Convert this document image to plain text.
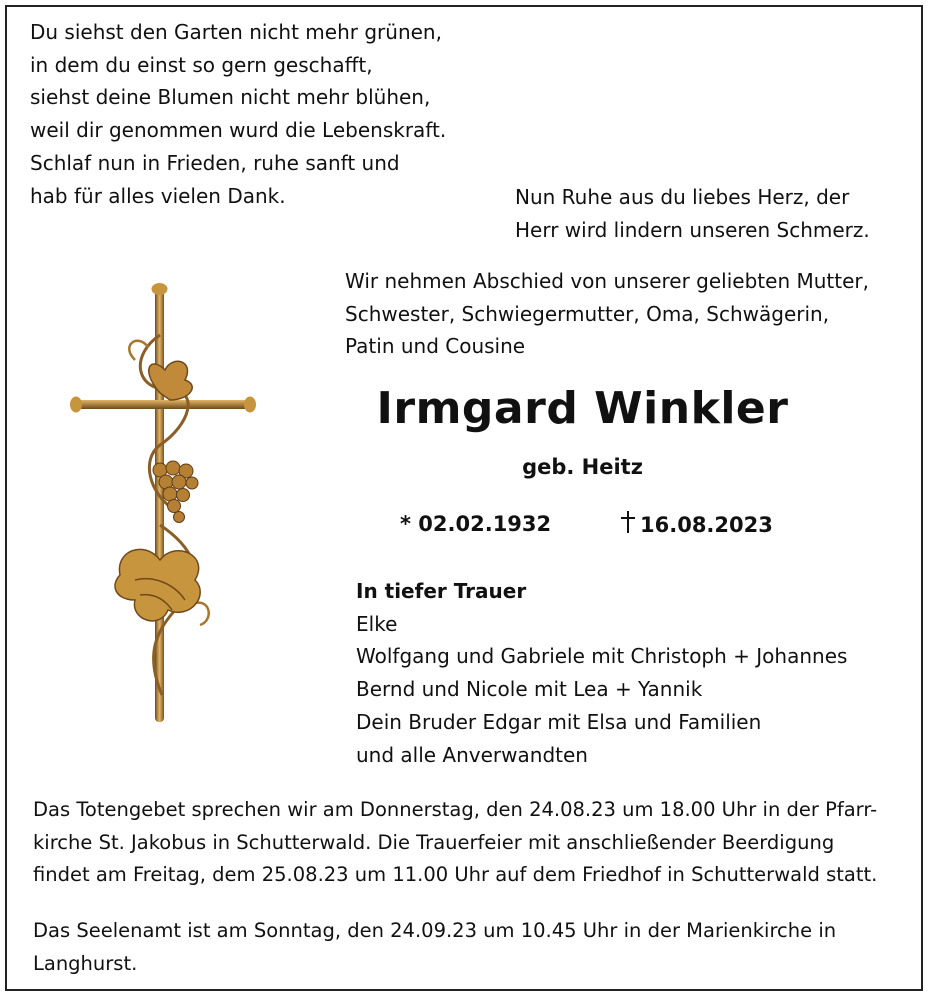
Du siehst den Garten nicht mehr grünen,
in dem du einst so gern geschafft,
siehst deine Blumen nicht mehr blühen,
weil dir genommen wurd die Lebenskraft.
Schlaf nun in Frieden, ruhe sanft und
hab für alles vielen Dank.	Nun Ruhe aus du liebes Herz, der
Herr wird lindern unseren Schmerz.
Wir nehmen Abschied von unserer geliebten Mutter,
Schwester, Schwiegermutter, Oma, Schwägerin,
Patin und Cousine
Irmgard Winkler
geb. Heitz
* 02.02.1932	16.08.2023
In tiefer Trauer
Elke
Wolfgang und Gabriele mit Christoph + Johannes
Bernd und Nicole mit Lea + Yannik
Dein Bruder Edgar mit Elsa und Familien
und alle Anverwandten
Das Totengebet sprechen wir am Donnerstag, den 24.08.23 um 18.00 Uhr in der Pfarr-
kirche St. Jakobus in Schutterwald. Die Trauerfeier mit anschließender Beerdigung
findet am Freitag, dem 25.08.23 um 11.00 Uhr auf dem Friedhof in Schutterwald statt.
Das Seelenamt ist am Sonntag, den 24.09.23 um 10.45 Uhr in der Marienkirche in
Langhurst.
